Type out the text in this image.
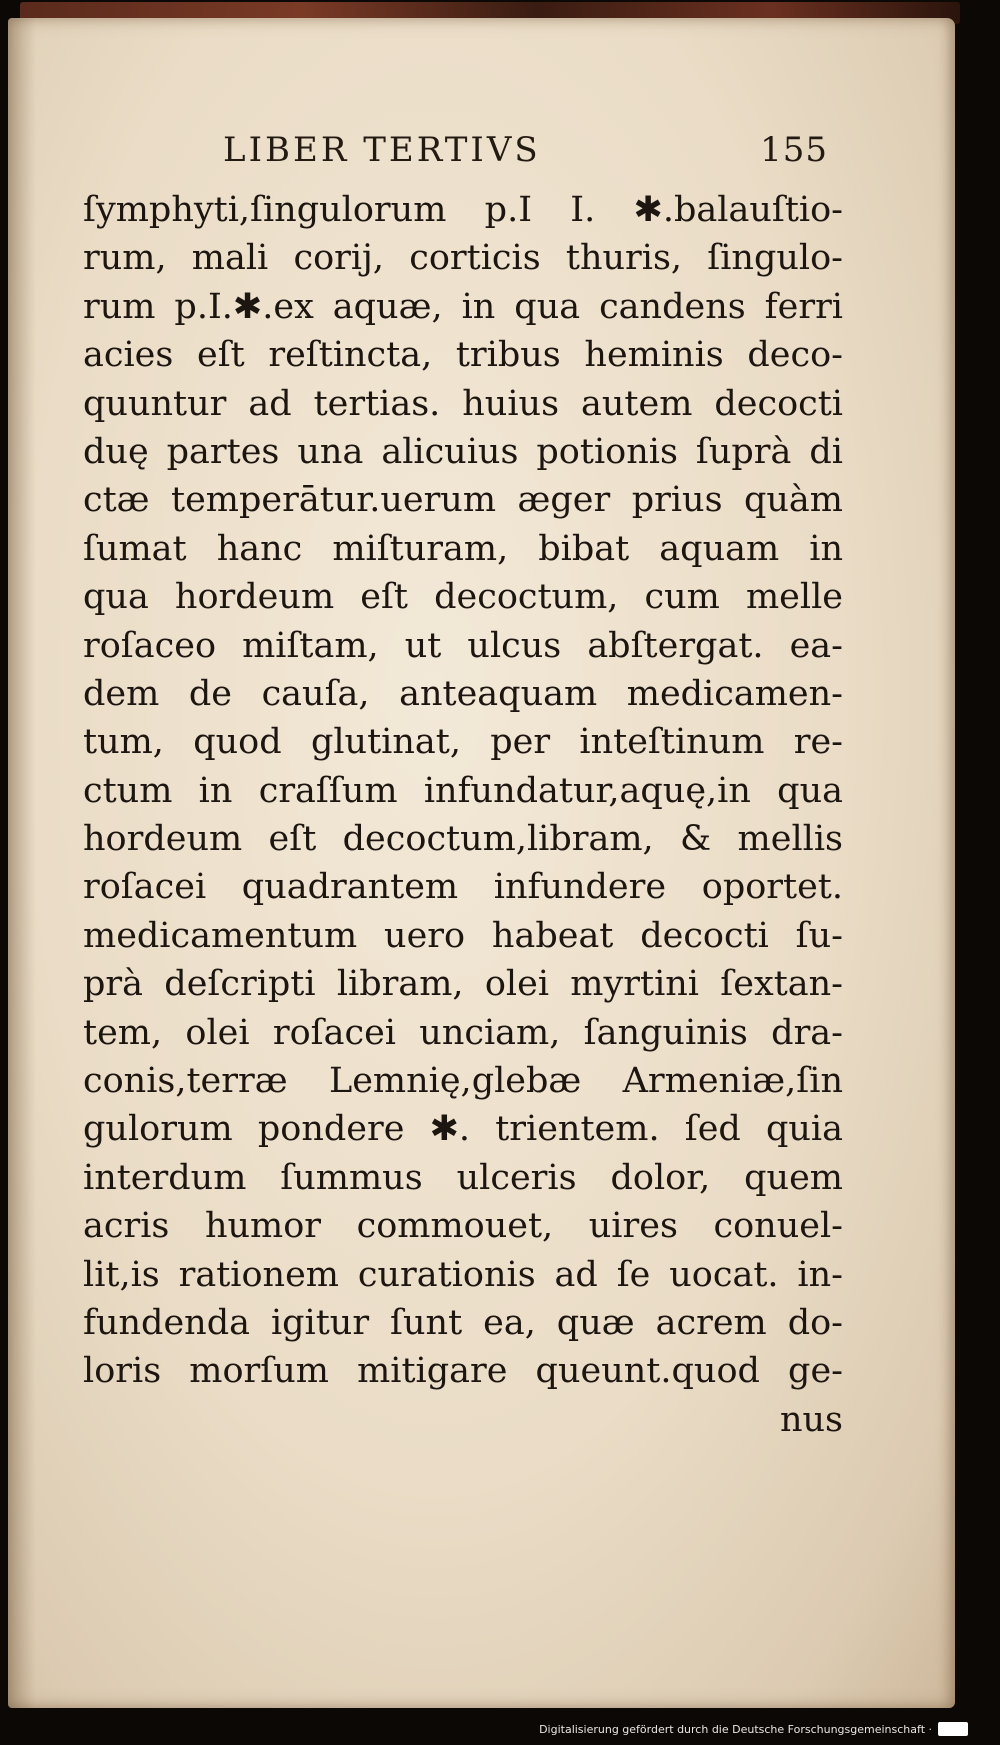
LIBER TERTIVS	155
ſymphyti,ſingulorum p.I I. ✱.balauſtio-
rum, mali corij, corticis thuris, ſingulo-
rum p.I.✱.ex aquæ, in qua candens ferri
acies eſt reſtincta, tribus heminis deco-
quuntur ad tertias. huius autem decocti
duę partes una alicuius potionis ſuprà di
ctæ temperātur.uerum æger prius quàm
ſumat hanc miſturam, bibat aquam in
qua hordeum eſt decoctum, cum melle
roſaceo miſtam, ut ulcus abſtergat. ea-
dem de cauſa, anteaquam medicamen-
tum, quod glutinat, per inteſtinum re-
ctum in craſſum infundatur,aquę,in qua
hordeum eſt decoctum,libram, & mellis
roſacei quadrantem infundere oportet.
medicamentum uero habeat decocti ſu-
prà deſcripti libram, olei myrtini ſextan-
tem, olei roſacei unciam, ſanguinis dra-
conis,terræ Lemnię,glebæ Armeniæ,ſin
gulorum pondere ✱. trientem. ſed quia
interdum ſummus ulceris dolor, quem
acris humor commouet, uires conuel-
lit,is rationem curationis ad ſe uocat. in-
fundenda igitur ſunt ea, quæ acrem do-
loris morſum mitigare queunt.quod ge-
nus
Digitalisierung gefördert durch die Deutsche Forschungsgemeinschaft ·
